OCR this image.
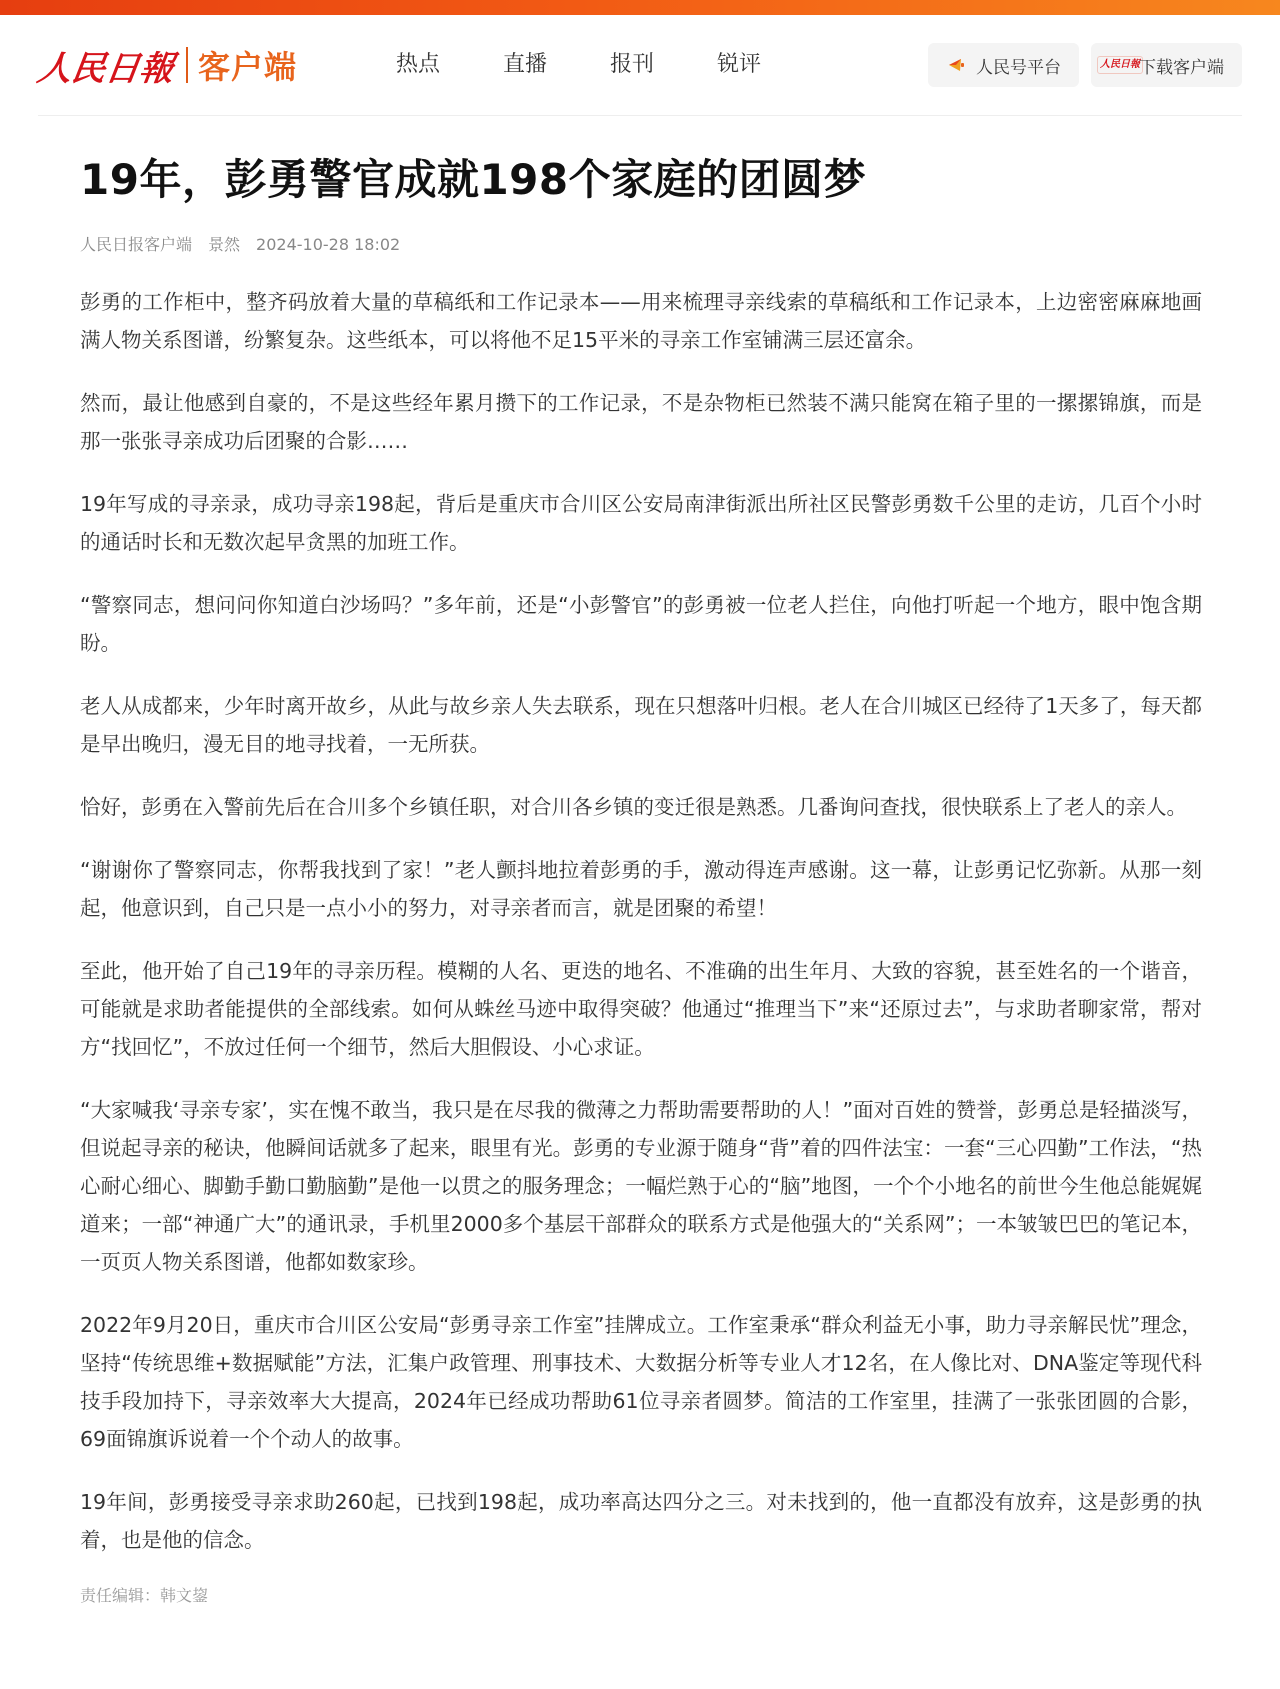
人民日報 客户端	热点	直播	报刊	锐评	人民号平台	人民日報 下载客户端
19年，彭勇警官成就198个家庭的团圆梦
人民日报客户端 景然 2024-10-28 18:02

彭勇的工作柜中，整齐码放着大量的草稿纸和工作记录本——用来梳理寻亲线索的草稿纸和工作记录本，上边密密麻麻地画满人物关系图谱，纷繁复杂。这些纸本，可以将他不足15平米的寻亲工作室铺满三层还富余。

然而，最让他感到自豪的，不是这些经年累月攒下的工作记录，不是杂物柜已然装不满只能窝在箱子里的一摞摞锦旗，而是那一张张寻亲成功后团聚的合影……

19年写成的寻亲录，成功寻亲198起，背后是重庆市合川区公安局南津街派出所社区民警彭勇数千公里的走访，几百个小时的通话时长和无数次起早贪黑的加班工作。

“警察同志，想问问你知道白沙场吗？”多年前，还是“小彭警官”的彭勇被一位老人拦住，向他打听起一个地方，眼中饱含期盼。

老人从成都来，少年时离开故乡，从此与故乡亲人失去联系，现在只想落叶归根。老人在合川城区已经待了1天多了，每天都是早出晚归，漫无目的地寻找着，一无所获。

恰好，彭勇在入警前先后在合川多个乡镇任职，对合川各乡镇的变迁很是熟悉。几番询问查找，很快联系上了老人的亲人。

“谢谢你了警察同志，你帮我找到了家！”老人颤抖地拉着彭勇的手，激动得连声感谢。这一幕，让彭勇记忆弥新。从那一刻起，他意识到，自己只是一点小小的努力，对寻亲者而言，就是团聚的希望！

至此，他开始了自己19年的寻亲历程。模糊的人名、更迭的地名、不准确的出生年月、大致的容貌，甚至姓名的一个谐音，可能就是求助者能提供的全部线索。如何从蛛丝马迹中取得突破？他通过“推理当下”来“还原过去”，与求助者聊家常，帮对方“找回忆”，不放过任何一个细节，然后大胆假设、小心求证。

“大家喊我‘寻亲专家’，实在愧不敢当，我只是在尽我的微薄之力帮助需要帮助的人！”面对百姓的赞誉，彭勇总是轻描淡写，但说起寻亲的秘诀，他瞬间话就多了起来，眼里有光。彭勇的专业源于随身“背”着的四件法宝：一套“三心四勤”工作法，“热心耐心细心、脚勤手勤口勤脑勤”是他一以贯之的服务理念；一幅烂熟于心的“脑”地图，一个个小地名的前世今生他总能娓娓道来；一部“神通广大”的通讯录，手机里2000多个基层干部群众的联系方式是他强大的“关系网”；一本皱皱巴巴的笔记本，一页页人物关系图谱，他都如数家珍。

2022年9月20日，重庆市合川区公安局“彭勇寻亲工作室”挂牌成立。工作室秉承“群众利益无小事，助力寻亲解民忧”理念，坚持“传统思维+数据赋能”方法，汇集户政管理、刑事技术、大数据分析等专业人才12名，在人像比对、DNA鉴定等现代科技手段加持下，寻亲效率大大提高，2024年已经成功帮助61位寻亲者圆梦。简洁的工作室里，挂满了一张张团圆的合影，69面锦旗诉说着一个个动人的故事。

19年间，彭勇接受寻亲求助260起，已找到198起，成功率高达四分之三。对未找到的，他一直都没有放弃，这是彭勇的执着，也是他的信念。

责任编辑：韩文鋆
